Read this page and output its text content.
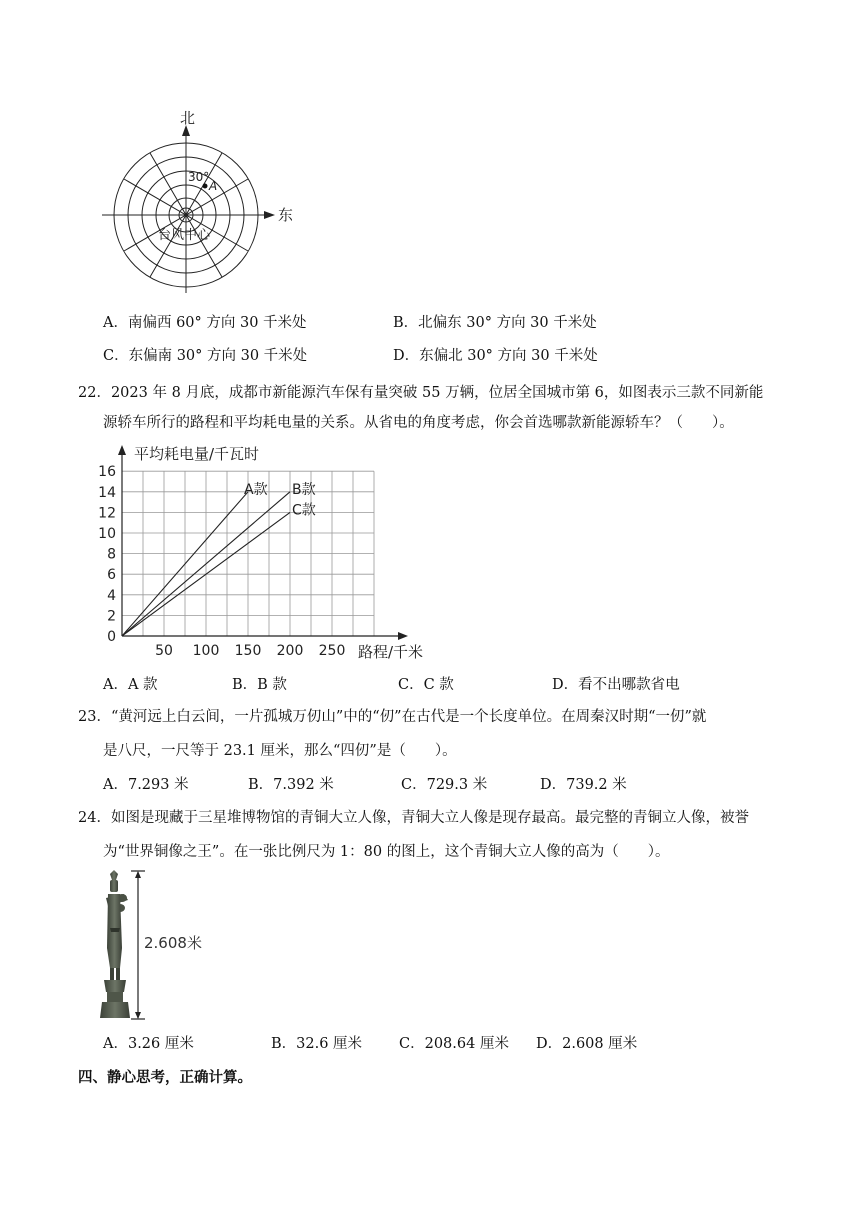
北
东
30°
A
台风中心
A．南偏西 60° 方向 30 千米处	B．北偏东 30° 方向 30 千米处
C．东偏南 30° 方向 30 千米处	D．东偏北 30° 方向 30 千米处
22．2023 年 8 月底，成都市新能源汽车保有量突破 55 万辆，位居全国城市第 6，如图表示三款不同新能
源轿车所行的路程和平均耗电量的关系。从省电的角度考虑，你会首选哪款新能源轿车？（　　）。
0
2
4
6
8
10
12
14
16
50 100 150 200 250
A款 B款
C款
平均耗电量/千瓦时
路程/千米
A．A 款	B．B 款	C．C 款	D．看不出哪款省电
23．“黄河远上白云间，一片孤城万仞山”中的“仞”在古代是一个长度单位。在周秦汉时期“一仞”就
是八尺，一尺等于 23.1 厘米，那么“四仞”是（　　）。
A．7.293 米	B．7.392 米	C．729.3 米	D．739.2 米
24．如图是现藏于三星堆博物馆的青铜大立人像，青铜大立人像是现存最高。最完整的青铜立人像，被誉
为“世界铜像之王”。在一张比例尺为 1：80 的图上，这个青铜大立人像的高为（　　）。
2.608米
A．3.26 厘米	B．32.6 厘米	C．208.64 厘米 D．2.608 厘米
四、静心思考，正确计算。
